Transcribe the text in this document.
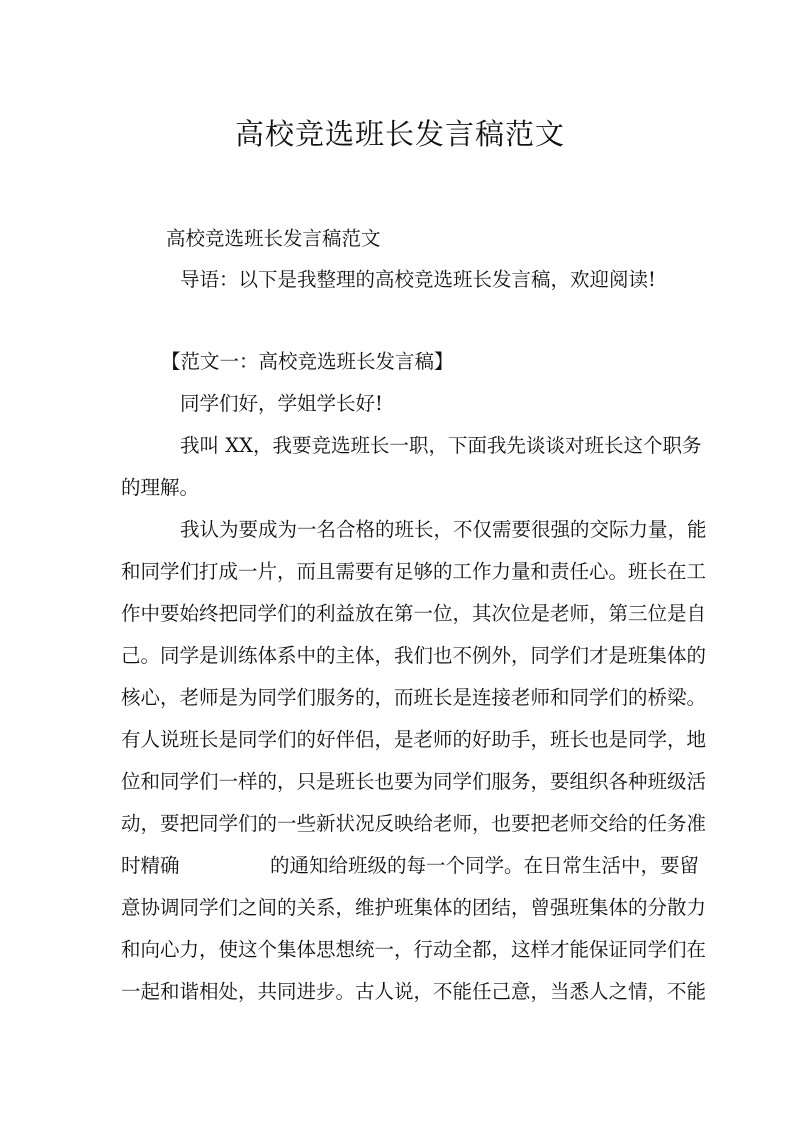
高校竞选班长发言稿范文
高校竞选班长发言稿范文
导语：以下是我整理的高校竞选班长发言稿，欢迎阅读!
【范文一：高校竞选班长发言稿】
同学们好，学姐学长好!
我叫 XX，我要竞选班长一职，下面我先谈谈对班长这个职务
的理解。
我认为要成为一名合格的班长，不仅需要很强的交际力量，能
和同学们打成一片，而且需要有足够的工作力量和责任心。班长在工
作中要始终把同学们的利益放在第一位，其次位是老师，第三位是自
己。同学是训练体系中的主体，我们也不例外，同学们才是班集体的
核心，老师是为同学们服务的，而班长是连接老师和同学们的桥梁。
有人说班长是同学们的好伴侣，是老师的好助手，班长也是同学，地
位和同学们一样的，只是班长也要为同学们服务，要组织各种班级活
动，要把同学们的一些新状况反映给老师，也要把老师交给的任务准
时精确	的通知给班级的每一个同学。在日常生活中，要留
意协调同学们之间的关系，维护班集体的团结，曾强班集体的分散力
和向心力，使这个集体思想统一，行动全都，这样才能保证同学们在
一起和谐相处，共同进步。古人说，不能任己意，当悉人之情，不能
